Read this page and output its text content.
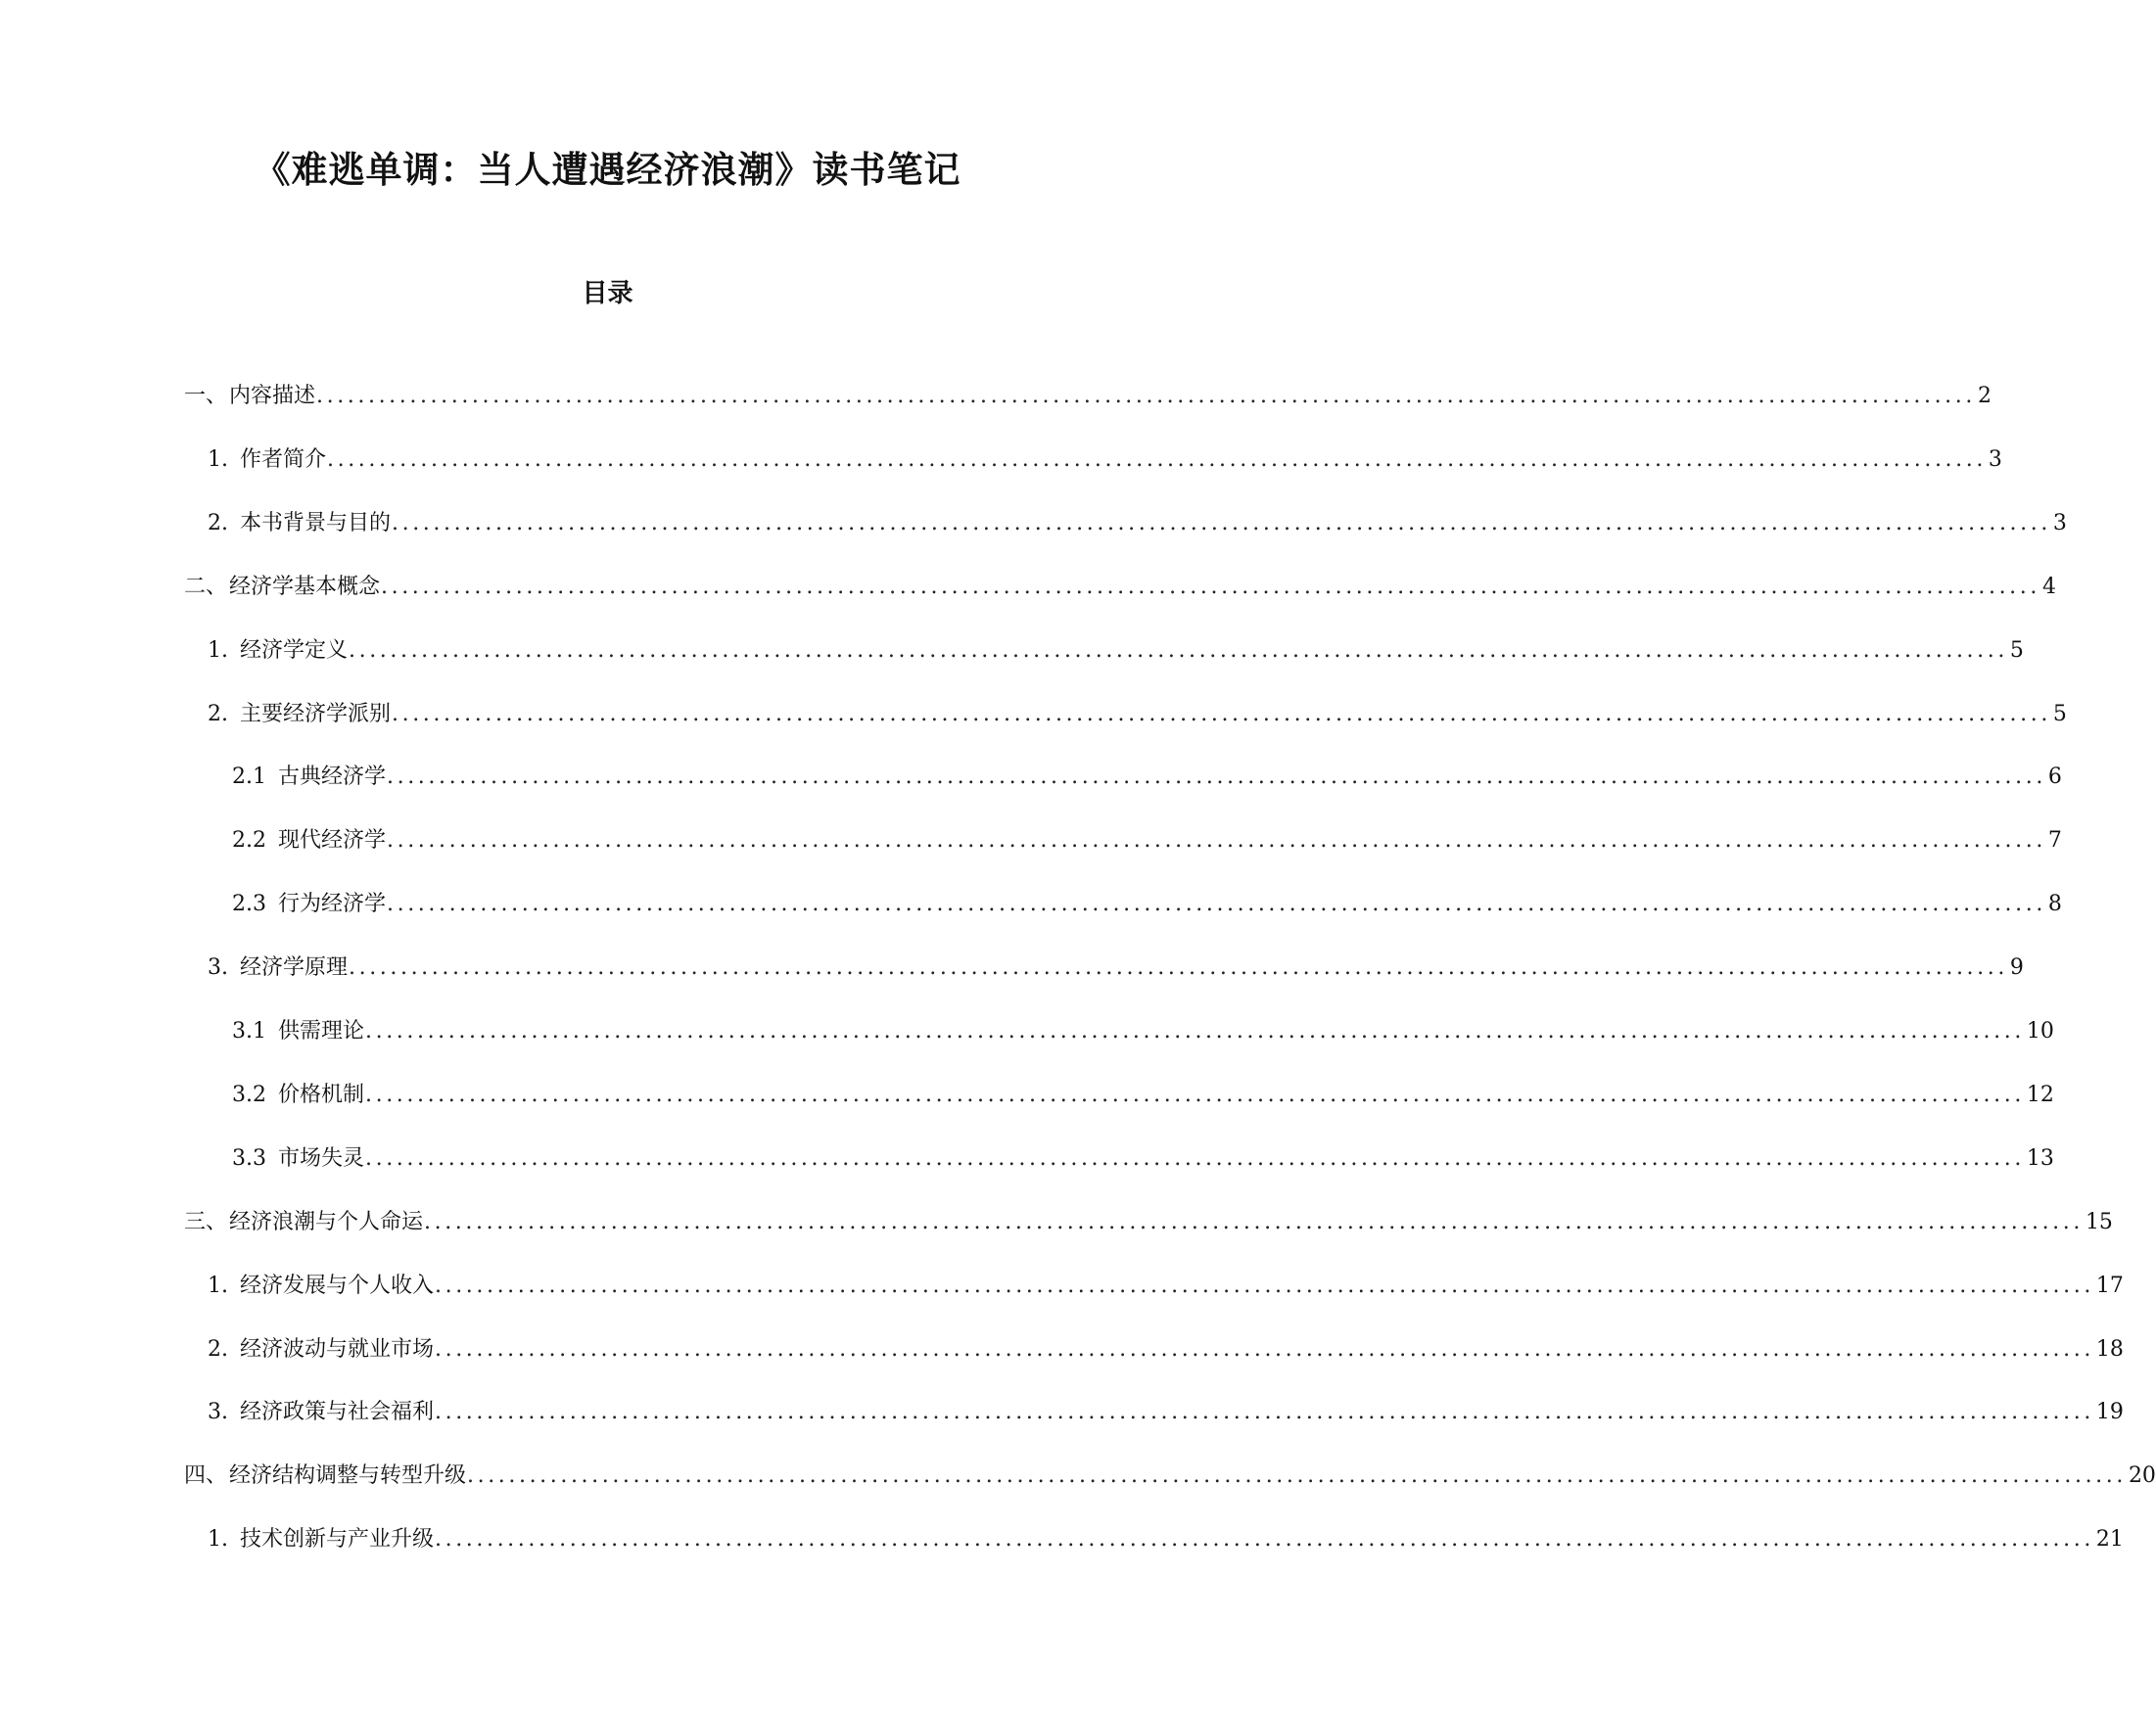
《难逃单调：当人遭遇经济浪潮》读书笔记
目录
一、 内容描述 ................................................................................................................................................................ 2
1. 作者简介 ................................................................................................................................................................ 3
2. 本书背景与目的 ................................................................................................................................................................ 3
二、 经济学基本概念 ................................................................................................................................................................ 4
1. 经济学定义 ................................................................................................................................................................ 5
2. 主要经济学派别 ................................................................................................................................................................ 5
2.1 古典经济学 ................................................................................................................................................................ 6
2.2 现代经济学 ................................................................................................................................................................ 7
2.3 行为经济学 ................................................................................................................................................................ 8
3. 经济学原理 ................................................................................................................................................................ 9
3.1 供需理论 ................................................................................................................................................................ 10
3.2 价格机制 ................................................................................................................................................................ 12
3.3 市场失灵 ................................................................................................................................................................ 13
三、 经济浪潮与个人命运 ................................................................................................................................................................ 15
1. 经济发展与个人收入 ................................................................................................................................................................ 17
2. 经济波动与就业市场 ................................................................................................................................................................ 18
3. 经济政策与社会福利 ................................................................................................................................................................ 19
四、 经济结构调整与转型升级 ................................................................................................................................................................ 20
1. 技术创新与产业升级 ................................................................................................................................................................ 21
